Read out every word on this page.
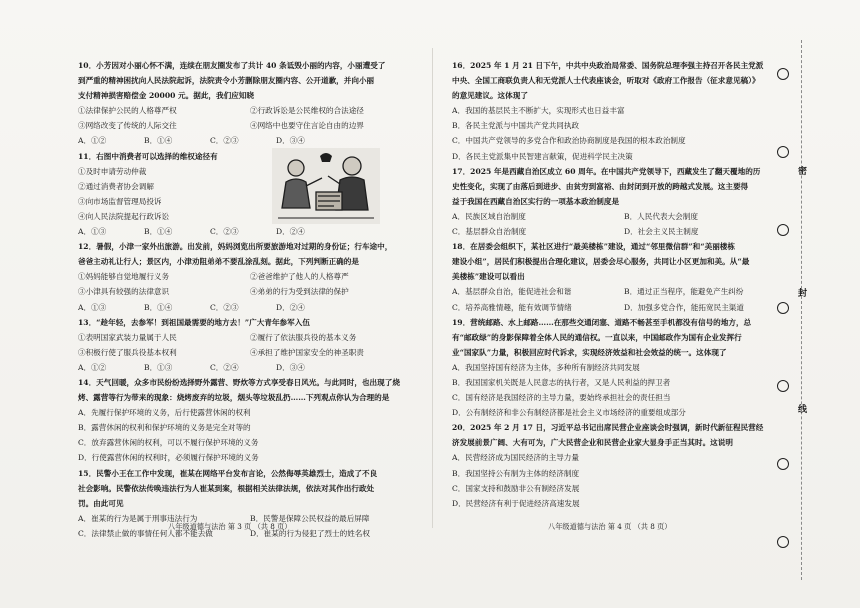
10．小芳因对小丽心怀不满，连续在朋友圈发布了共计 40 条诋毁小丽的内容，小丽遭受了
到严重的精神困扰向人民法院起诉，法院责令小芳删除朋友圈内容、公开道歉，并向小丽
支付精神损害赔偿金 20000 元。据此，我们应知晓
①法律保护公民的人格尊严权	②行政诉讼是公民维权的合法途径
③网络改变了传统的人际交往	④网络中也要守住言论自由的边界
A．①②	B．①④	C．②③	D．③④
11．右图中消费者可以选择的维权途径有
①及时申请劳动仲裁
②通过消费者协会调解
③向市场监督管理局投诉
④向人民法院提起行政诉讼
A．①③	B．①④	C．②③	D．②④
12．暑假，小津一家外出旅游。出发前，妈妈浏览出所要旅游地对过期的身份证；行车途中，
爸爸主动礼让行人；景区内，小津劝阻弟弟不要乱涂乱刻。据此，下列判断正确的是
①妈妈能够自觉地履行义务	②爸爸维护了他人的人格尊严
③小津具有较强的法律意识	④弟弟的行为受到法律的保护
A．①③	B．①④	C．②③	D．②④
13．“趁年轻，去参军！到祖国最需要的地方去！”广大青年参军入伍
①表明国家武装力量属于人民	②履行了依法服兵役的基本义务
③积极行使了服兵役基本权利	④承担了维护国家安全的神圣职责
A．①②	B．①③	C．②④	D．③④
14．天气回暖，众多市民纷纷选择野外露营、野炊等方式享受春日风光。与此同时，也出现了烧
烤、露营等行为带来的现象：烧烤废弃的垃圾，烟头等垃圾乱扔……下列观点你认为合理的是
A．先履行保护环境的义务，后行使露营休闲的权利
B．露营休闲的权利和保护环境的义务是完全对等的
C．放弃露营休闲的权利，可以不履行保护环境的义务
D．行使露营休闲的权利时，必须履行保护环境的义务
15．民警小王在工作中发现，崔某在网络平台发布言论，公然侮辱英雄烈士，造成了不良
社会影响。民警依法传唤违法行为人崔某到案，根据相关法律法规，依法对其作出行政处
罚。由此可见
A．崔某的行为是属于刑事违法行为	B．民警是保障公民权益的最后屏障
C．法律禁止做的事情任何人都不能去做	D．崔某的行为侵犯了烈士的姓名权
八年级道德与法治 第 3 页 （共 8 页）
16．2025 年 1 月 21 日下午，中共中央政治局常委、国务院总理李强主持召开各民主党派
中央、全国工商联负责人和无党派人士代表座谈会，听取对《政府工作报告（征求意见稿）》
的意见建议。这体现了
A．我国的基层民主不断扩大，实现形式也日益丰富
B．各民主党派与中国共产党共同执政
C．中国共产党领导的多党合作和政治协商制度是我国的根本政治制度
D．各民主党派集中民智建言献策，促进科学民主决策
17．2025 年是西藏自治区成立 60 周年。在中国共产党领导下，西藏发生了翻天覆地的历
史性变化，实现了由落后到进步、由贫穷到富裕、由封闭到开放的跨越式发展。这主要得
益于我国在西藏自治区实行的一项基本政治制度是
A．民族区域自治制度	B．人民代表大会制度
C．基层群众自治制度	D．社会主义民主制度
18．在居委会组织下，某社区进行“最美楼栋”建设，通过“邻里微信群”和“美丽楼栋
建设小组”，居民们积极提出合理化建议，居委会尽心服务，共同让小区更加和美。从“最
美楼栋”建设可以看出
A．基层群众自治，能促进社会和谐	B．通过正当程序，能避免产生纠纷
C．培养高雅情趣，能有效调节情绪	D．加强多党合作，能拓宽民主渠道
19．营统邮路、水上邮路……在那些交通闭塞、道路不畅甚至手机都没有信号的地方，总
有“邮政绿”的身影保障着全体人民的通信权。一直以来，中国邮政作为国有企业发挥行
业“国家队”力量，积极回应时代诉求，实现经济效益和社会效益的统一。这体现了
A．我国坚持国有经济为主体，多种所有制经济共同发展
B．我国国家机关既是人民意志的执行者，又是人民利益的捍卫者
C．国有经济是我国经济的主导力量，要始终承担社会的责任担当
D．公有制经济和非公有制经济都是社会主义市场经济的重要组成部分
20．2025 年 2 月 17 日，习近平总书记出席民营企业座谈会时强调，新时代新征程民营经
济发展前景广阔、大有可为，广大民营企业和民营企业家大显身手正当其时。这说明
A．民营经济成为国民经济的主导力量
B．我国坚持公有制为主体的经济制度
C．国家支持和鼓励非公有制经济发展
D．民营经济有利于促进经济高速发展
八年级道德与法治 第 4 页 （共 8 页）
密
封
线
